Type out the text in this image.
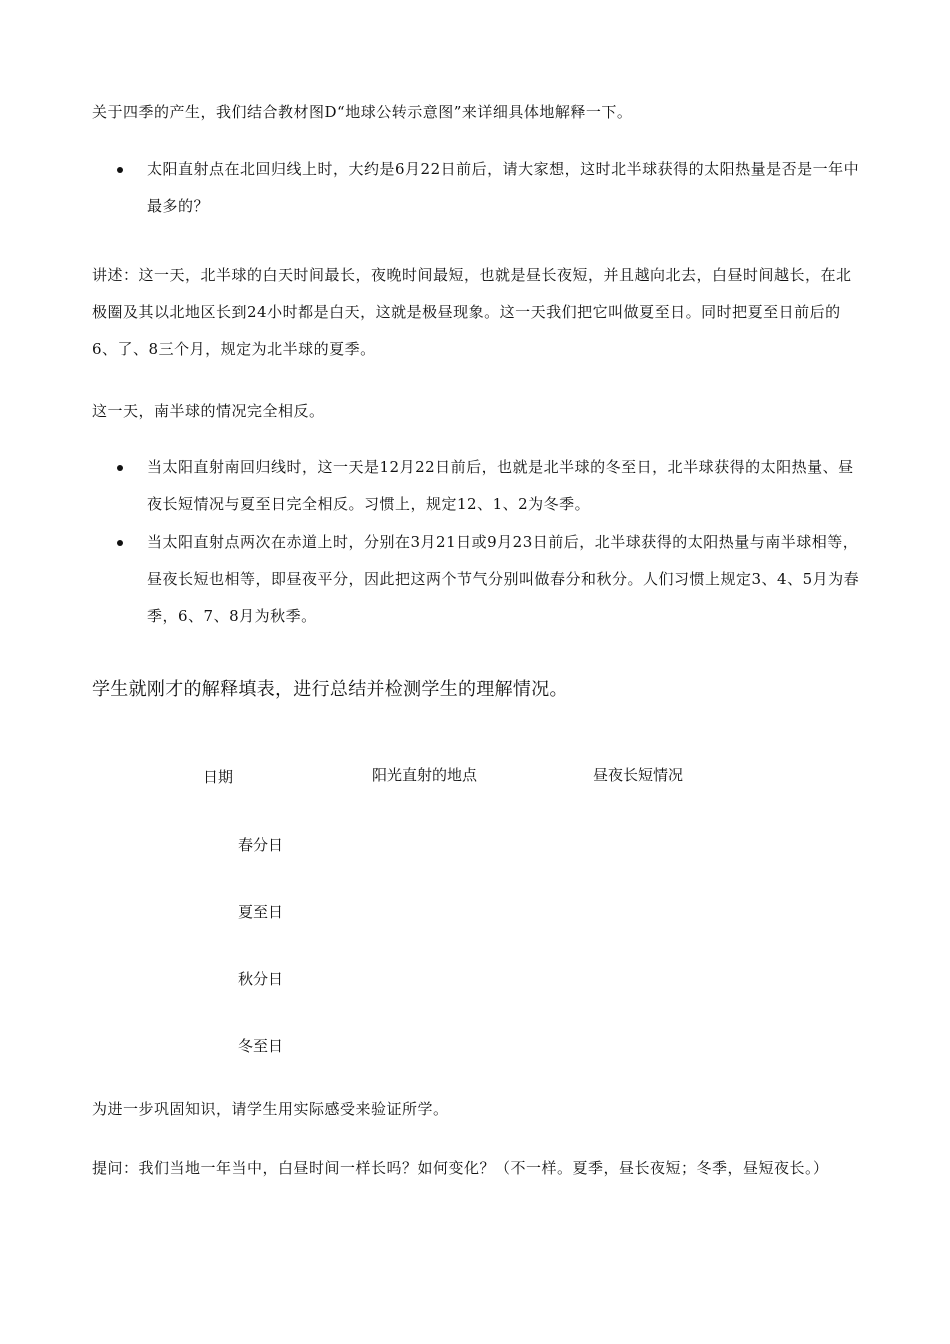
关于四季的产生，我们结合教材图D“地球公转示意图”来详细具体地解释一下。

太阳直射点在北回归线上时，大约是6月22日前后，请大家想，这时北半球获得的太阳热量是否是一年中最多的？

讲述：这一天，北半球的白天时间最长，夜晚时间最短，也就是昼长夜短，并且越向北去，白昼时间越长，在北极圈及其以北地区长到24小时都是白天，这就是极昼现象。这一天我们把它叫做夏至日。同时把夏至日前后的6、了、8三个月，规定为北半球的夏季。

这一天，南半球的情况完全相反。

当太阳直射南回归线时，这一天是12月22日前后，也就是北半球的冬至日，北半球获得的太阳热量、昼夜长短情况与夏至日完全相反。习惯上，规定12、1、2为冬季。

当太阳直射点两次在赤道上时，分别在3月21日或9月23日前后，北半球获得的太阳热量与南半球相等，昼夜长短也相等，即昼夜平分，因此把这两个节气分别叫做春分和秋分。人们习惯上规定3、4、5月为春季，6、7、8月为秋季。

学生就刚才的解释填表，进行总结并检测学生的理解情况。

日期	阳光直射的地点	昼夜长短情况

春分日

夏至日

秋分日

冬至日

为进一步巩固知识，请学生用实际感受来验证所学。

提问：我们当地一年当中，白昼时间一样长吗？如何变化？（不一样。夏季，昼长夜短；冬季，昼短夜长。）
